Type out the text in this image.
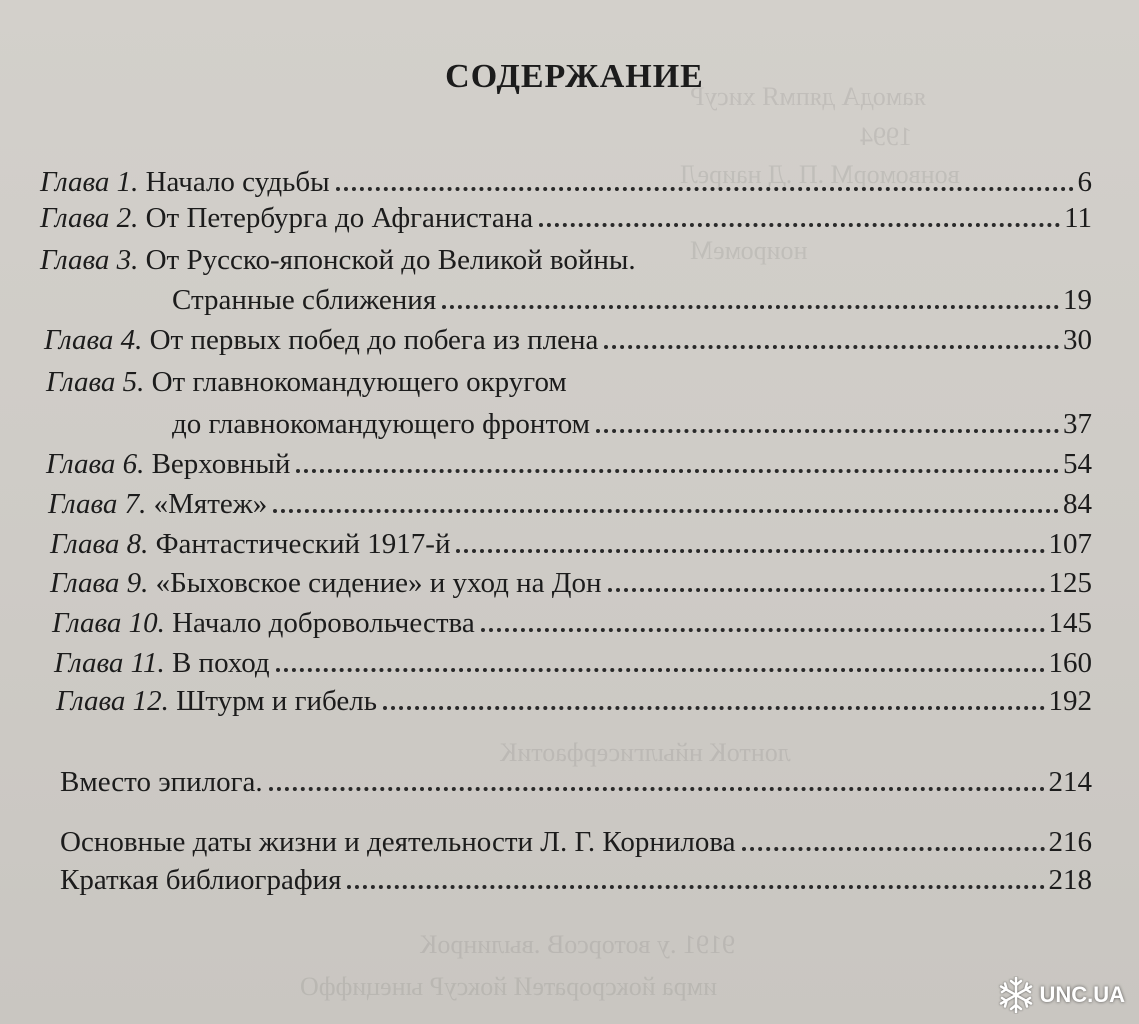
яамодА дяпмЯ хисуР
1994
вонвоморМ .П .Д наиреЛ
ноиромеМ
лонтоК нйылгисерфаотиК
9191 .у воторсоВ .вылинроК
имра йоксроратеИ йоксуР ынециффО
СОДЕРЖАНИЕ
Глава 1. Начало судьбы	6
Глава 2. От Петербурга до Афганистана	11
Глава 3. От Русско-японской до Великой войны.
Странные сближения	19
Глава 4. От первых побед до побега из плена	30
Глава 5. От главнокомандующего округом
до главнокомандующего фронтом	37
Глава 6. Верховный	54
Глава 7. «Мятеж»	84
Глава 8. Фантастический 1917-й	107
Глава 9. «Быховское сидение» и уход на Дон	125
Глава 10. Начало добровольчества	145
Глава 11. В поход	160
Глава 12. Штурм и гибель	192
Вместо эпилога.	214
Основные даты жизни и деятельности Л. Г. Корнилова	216
Краткая библиография	218
UNC.UA
